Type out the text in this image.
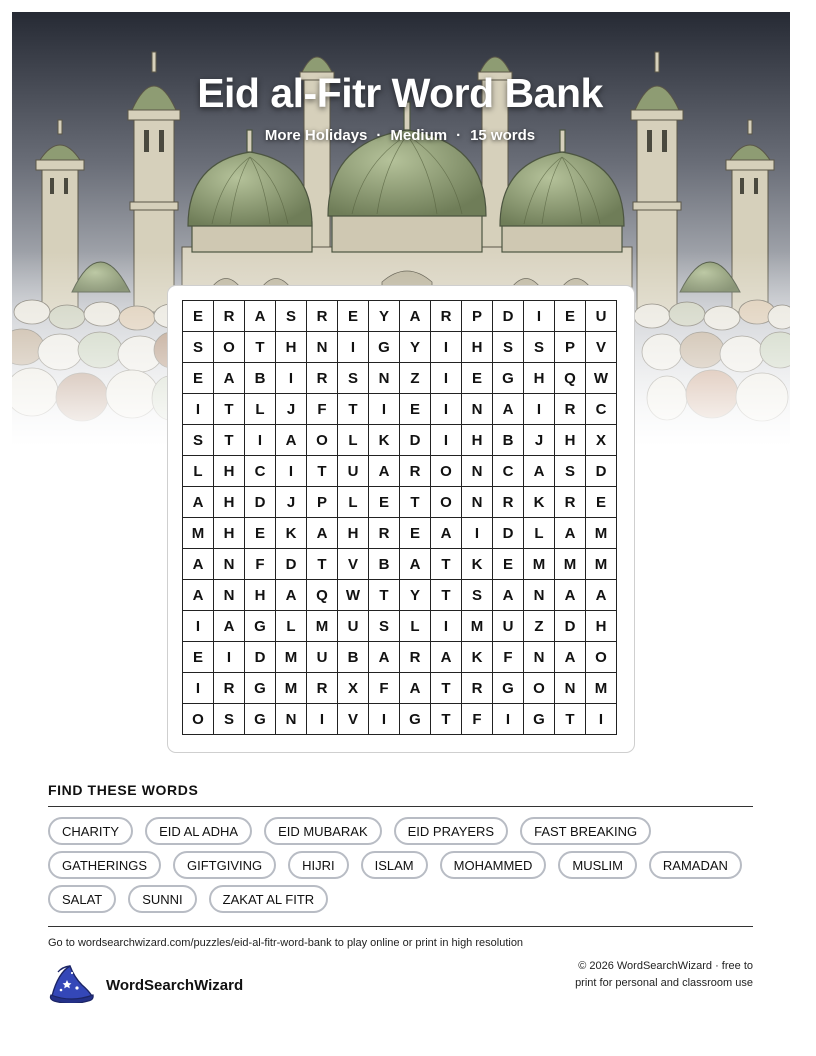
Eid al-Fitr Word Bank
More Holidays · Medium · 15 words
E	R	A	S	R	E	Y	A	R	P	D	I	E	U
S	O	T	H	N	I	G	Y	I	H	S	S	P	V
E	A	B	I	R	S	N	Z	I	E	G	H	Q	W
I	T	L	J	F	T	I	E	I	N	A	I	R	C
S	T	I	A	O	L	K	D	I	H	B	J	H	X
L	H	C	I	T	U	A	R	O	N	C	A	S	D
A	H	D	J	P	L	E	T	O	N	R	K	R	E
M	H	E	K	A	H	R	E	A	I	D	L	A	M
A	N	F	D	T	V	B	A	T	K	E	M	M	M
A	N	H	A	Q	W	T	Y	T	S	A	N	A	A
I	A	G	L	M	U	S	L	I	M	U	Z	D	H
E	I	D	M	U	B	A	R	A	K	F	N	A	O
I	R	G	M	R	X	F	A	T	R	G	O	N	M
O	S	G	N	I	V	I	G	T	F	I	G	T	I
FIND THESE WORDS
CHARITY	EID AL ADHA	EID MUBARAK	EID PRAYERS	FAST BREAKING
GATHERINGS	GIFTGIVING	HIJRI	ISLAM	MOHAMMED	MUSLIM	RAMADAN
SALAT	SUNNI	ZAKAT AL FITR
Go to wordsearchwizard.com/puzzles/eid-al-fitr-word-bank to play online or print in high resolution
WordSearchWizard
© 2026 WordSearchWizard · free to print for personal and classroom use
